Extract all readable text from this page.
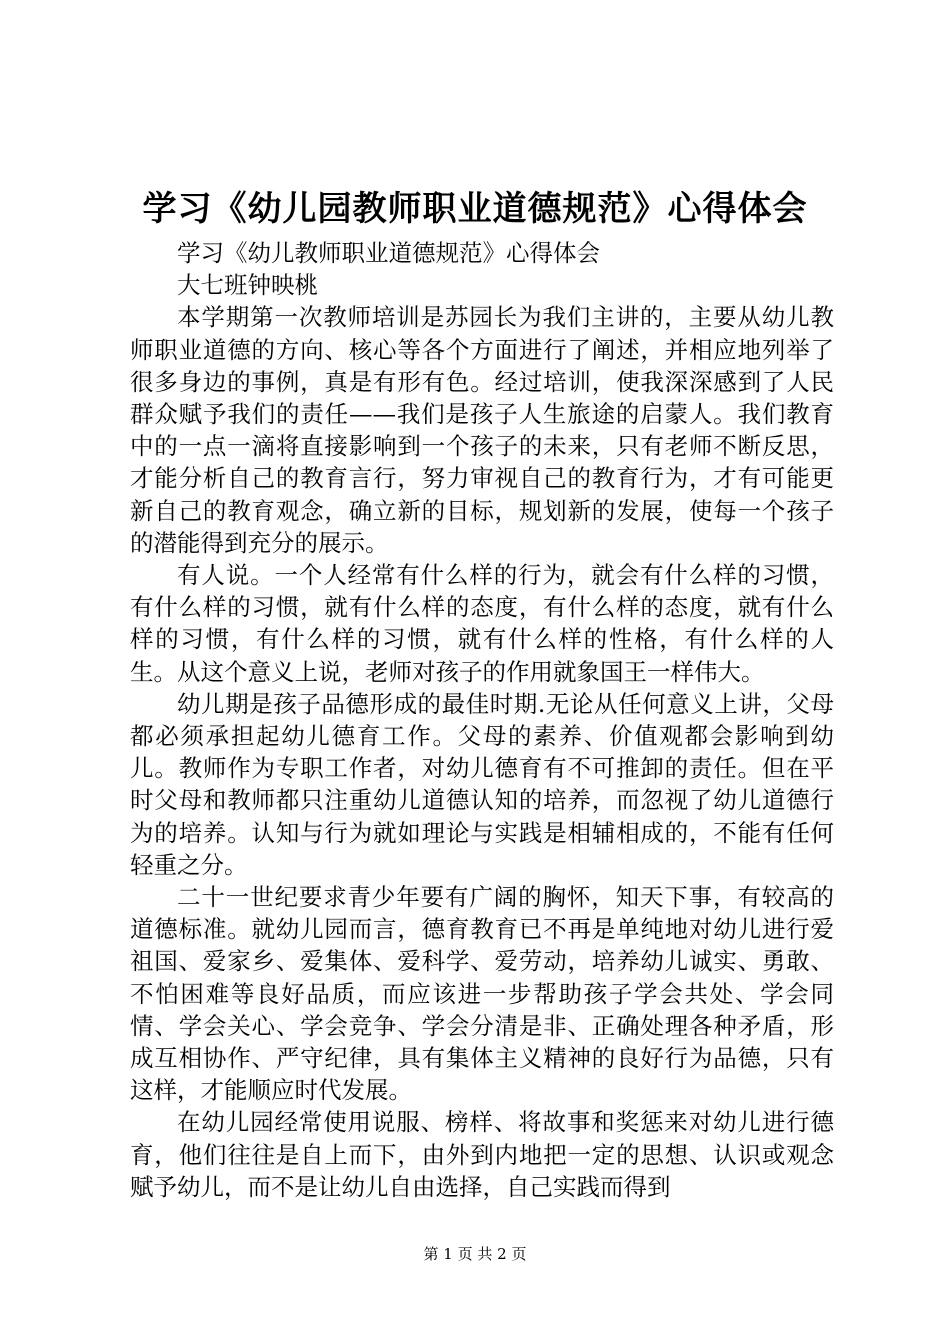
学习《幼儿园教师职业道德规范》心得体会

学习《幼儿教师职业道德规范》心得体会

大七班钟映桃

本学期第一次教师培训是苏园长为我们主讲的，主要从幼儿教师职业道德的方向、核心等各个方面进行了阐述，并相应地列举了很多身边的事例，真是有形有色。经过培训，使我深深感到了人民群众赋予我们的责任——我们是孩子人生旅途的启蒙人。我们教育中的一点一滴将直接影响到一个孩子的未来，只有老师不断反思，才能分析自己的教育言行，努力审视自己的教育行为，才有可能更新自己的教育观念，确立新的目标，规划新的发展，使每一个孩子的潜能得到充分的展示。

有人说。一个人经常有什么样的行为，就会有什么样的习惯，有什么样的习惯，就有什么样的态度，有什么样的态度，就有什么样的习惯，有什么样的习惯，就有什么样的性格，有什么样的人生。从这个意义上说，老师对孩子的作用就象国王一样伟大。

幼儿期是孩子品德形成的最佳时期.无论从任何意义上讲，父母都必须承担起幼儿德育工作。父母的素养、价值观都会影响到幼儿。教师作为专职工作者，对幼儿德育有不可推卸的责任。但在平时父母和教师都只注重幼儿道德认知的培养，而忽视了幼儿道德行为的培养。认知与行为就如理论与实践是相辅相成的，不能有任何轻重之分。

二十一世纪要求青少年要有广阔的胸怀，知天下事，有较高的道德标准。就幼儿园而言，德育教育已不再是单纯地对幼儿进行爱祖国、爱家乡、爱集体、爱科学、爱劳动，培养幼儿诚实、勇敢、不怕困难等良好品质，而应该进一步帮助孩子学会共处、学会同情、学会关心、学会竞争、学会分清是非、正确处理各种矛盾，形成互相协作、严守纪律，具有集体主义精神的良好行为品德，只有这样，才能顺应时代发展。

在幼儿园经常使用说服、榜样、将故事和奖惩来对幼儿进行德育，他们往往是自上而下，由外到内地把一定的思想、认识或观念赋予幼儿，而不是让幼儿自由选择，自己实践而得到

第 1 页 共 2 页
